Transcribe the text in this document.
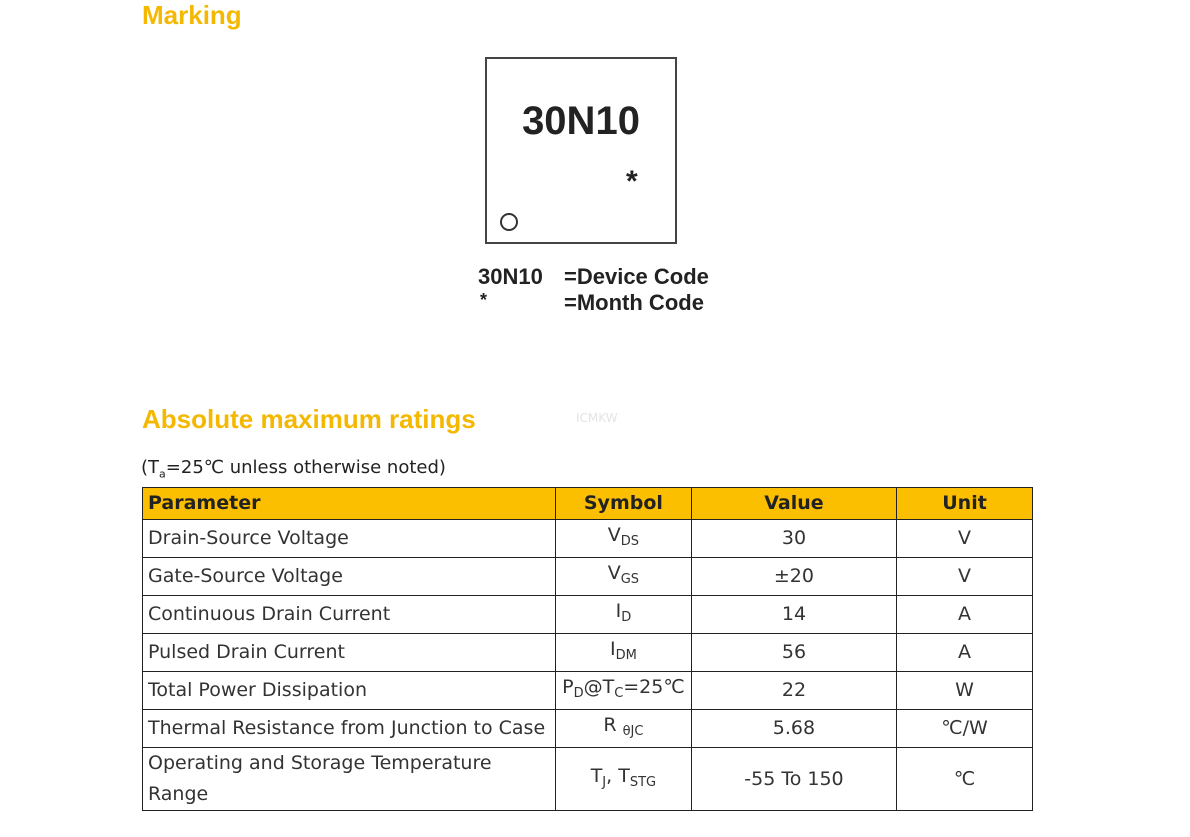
Marking
30N10
*
30N10 =Device Code
*	=Month Code
Absolute maximum ratings	ICMKW
($T_a=25℃$ unless otherwise noted)
Parameter	Symbol	Value	Unit
Drain-Source Voltage	$V_{DS}$	30	V
Gate-Source Voltage	$V_{GS}$	±20	V
Continuous Drain Current	$I_D$	14	A
Pulsed Drain Current	$I_{DM}$	56	A
Total Power Dissipation	$P_D@T_C=25℃$	22	W
Thermal Resistance from Junction to Case	R $_{\theta JC}$	5.68	℃/W
Operating and Storage Temperature Range	$T_J$, $T_{STG}$	-55 To 150	℃
